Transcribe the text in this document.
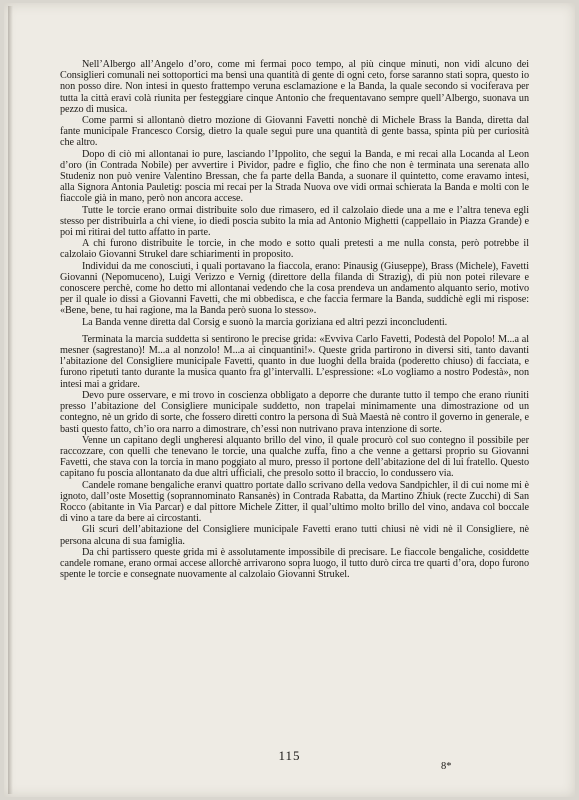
Nell’Albergo all’Angelo d’oro, come mi fermai poco tempo, al più cinque minuti, non vidi alcuno dei Consiglieri comunali nei sottoportici ma bensì una quantità di gente di ogni ceto, forse saranno stati sopra, questo io non posso dire. Non intesi in questo frattempo veruna esclamazione e la Banda, la quale secondo si vociferava per tutta la città eravi colà riunita per festeggiare cinque Antonio che frequentavano sempre quell’Albergo, suonava un pezzo di musica.

Come parmi si allontanò dietro mozione di Giovanni Favetti nonchè di Michele Brass la Banda, diretta dal fante municipale Francesco Corsig, dietro la quale seguì pure una quantità di gente bassa, spinta più per curiosità che altro.

Dopo di ciò mi allontanai io pure, lasciando l’Ippolito, che seguì la Banda, e mi recai alla Locanda al Leon d’oro (in Contrada Nobile) per avvertire i Pividor, padre e figlio, che fino che non è terminata una serenata allo Studeniz non può venire Valentino Bressan, che fa parte della Banda, a suonare il quintetto, come eravamo intesi, alla Signora Antonia Pauletig: poscia mi recai per la Strada Nuova ove vidi ormai schierata la Banda e molti con le fiaccole già in mano, però non ancora accese.

Tutte le torcie erano ormai distribuite solo due rimasero, ed il calzolaio diede una a me e l’altra teneva egli stesso per distribuirla a chi viene, io diedi poscia subito la mia ad Antonio Mighetti (cappellaio in Piazza Grande) e poi mi ritirai del tutto affatto in parte.

A chi furono distribuite le torcie, in che modo e sotto quali pretesti a me nulla consta, però potrebbe il calzolaio Giovanni Strukel dare schiarimenti in proposito.

Individui da me conosciuti, i quali portavano la fiaccola, erano: Pinausig (Giuseppe), Brass (Michele), Favetti Giovanni (Nepomuceno), Luigi Verizzo e Vernig (direttore della filanda di Strazig), di più non potei rilevare e conoscere perchè, come ho detto mi allontanai vedendo che la cosa prendeva un andamento alquanto serio, motivo per il quale io dissi a Giovanni Favetti, che mi obbediscа, e che faccia fermare la Banda, suddichè egli mi rispose: «Bene, bene, tu hai ragione, ma la Banda però suona lo stesso».

La Banda venne diretta dal Corsig e suonò la marcia goriziana ed altri pezzi inconcludenti.

Terminata la marcia suddetta si sentirono le precise grida: «Evviva Carlo Favetti, Podestà del Popolo! M...a al mesner (sagrestano)! M...a al nonzolo! M...a ai cinquantini!». Queste grida partirono in diversi siti, tanto davanti l’abitazione del Consigliere municipale Favetti, quanto in due luoghi della braida (poderetto chiuso) di facciata, e furono ripetuti tanto durante la musica quanto fra gl’intervalli. L’espressione: «Lo vogliamo a nostro Podestà», non intesi mai a gridare.

Devo pure osservare, e mi trovo in coscienza obbligato a deporre che durante tutto il tempo che erano riuniti presso l’abitazione del Consigliere municipale suddetto, non trapelai minimamente una dimostrazione od un contegno, nè un grido di sorte, che fossero diretti contro la persona di Suà Maestà nè contro il governo in generale, e basti questo fatto, ch’io ora narro a dimostrare, ch’essi non nutrivano prava intenzione di sorte.

Venne un capitano degli ungheresi alquanto brillo del vino, il quale procurò col suo contegno il possibile per raccozzare, con quelli che tenevano le torcie, una qualche zuffa, fino a che venne a gettarsi proprio su Giovanni Favetti, che stava con la torcia in mano poggiato al muro, presso il portone dell’abitazione del di lui fratello. Questo capitano fu poscia allontanato da due altri ufficiali, che presolo sotto il braccio, lo condussero via.

Candele romane bengaliche eranvi quattro portate dallo scrivano della vedova Sandpichler, il di cui nome mi è ignoto, dall’oste Mosettig (soprannominato Ransanès) in Contrada Rabatta, da Martino Zhiuk (recte Zucchi) di San Rocco (abitante in Via Parcar) e dal pittore Michele Zitter, il qual’ultimo molto brillo del vino, andava col boccale di vino a tare da bere ai circostanti.

Gli scuri dell’abitazione del Consigliere municipale Favetti erano tutti chiusi nè vidi nè il Consigliere, nè persona alcuna di sua famiglia.

Da chi partissero queste grida mi è assolutamente impossibile di precisare. Le fiaccole bengaliche, cosiddette candele romane, erano ormai accese allorchè arrivarono sopra luogo, il tutto durò circa tre quarti d’ora, dopo furono spente le torcie e consegnate nuovamente al calzolaio Giovanni Strukel.

115
8*
